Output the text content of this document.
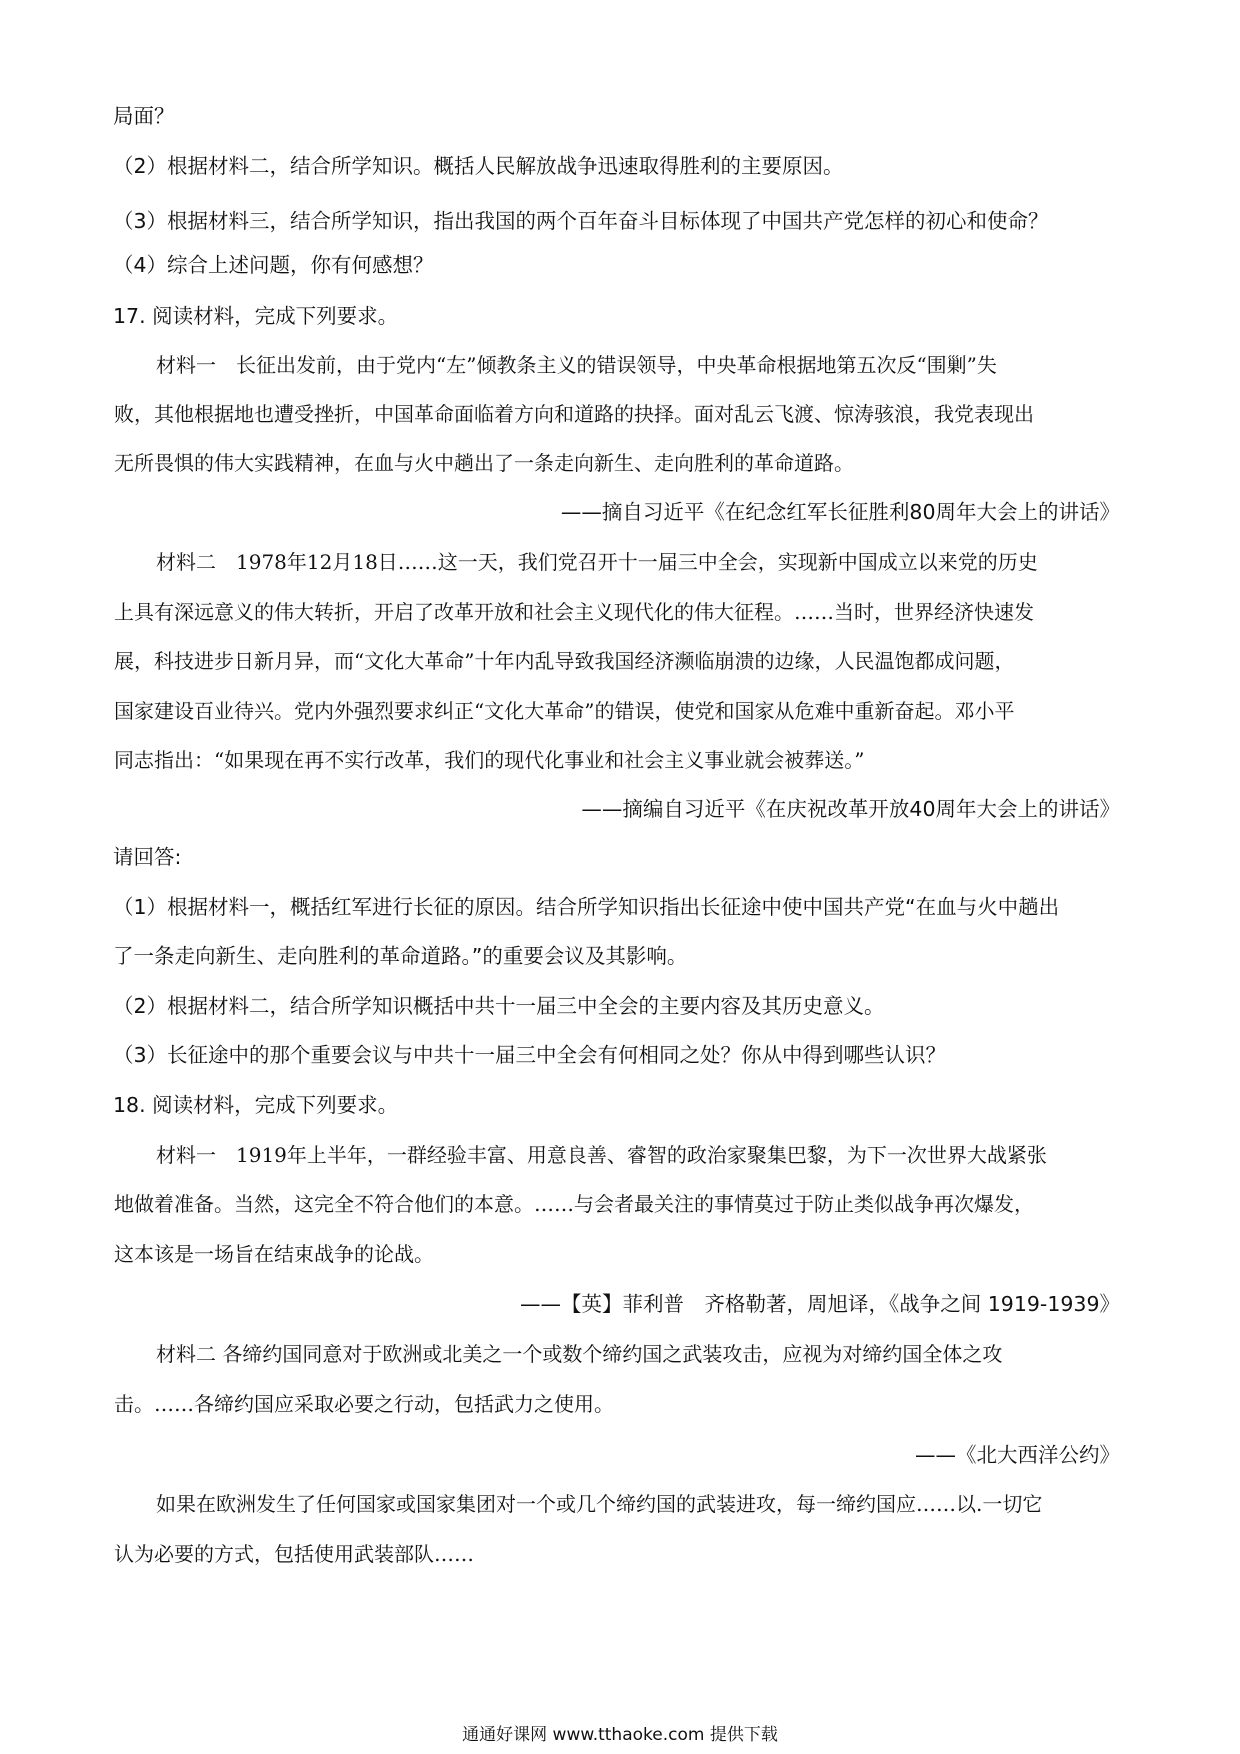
局面？

（2）根据材料二，结合所学知识。概括人民解放战争迅速取得胜利的主要原因。

（3）根据材料三，结合所学知识，指出我国的两个百年奋斗目标体现了中国共产党怎样的初心和使命？

（4）综合上述问题，你有何感想？

17. 阅读材料，完成下列要求。

材料一　长征出发前，由于党内“左”倾教条主义的错误领导，中央革命根据地第五次反“围剿”失

败，其他根据地也遭受挫折，中国革命面临着方向和道路的抉择。面对乱云飞渡、惊涛骇浪，我党表现出

无所畏惧的伟大实践精神，在血与火中趟出了一条走向新生、走向胜利的革命道路。

——摘自习近平《在纪念红军长征胜利80周年大会上的讲话》

材料二　1978年12月18日……这一天，我们党召开十一届三中全会，实现新中国成立以来党的历史

上具有深远意义的伟大转折，开启了改革开放和社会主义现代化的伟大征程。……当时，世界经济快速发

展，科技进步日新月异，而“文化大革命”十年内乱导致我国经济濒临崩溃的边缘，人民温饱都成问题，

国家建设百业待兴。党内外强烈要求纠正“文化大革命”的错误，使党和国家从危难中重新奋起。邓小平

同志指出：“如果现在再不实行改革，我们的现代化事业和社会主义事业就会被葬送。”

——摘编自习近平《在庆祝改革开放40周年大会上的讲话》

请回答:

（1）根据材料一，概括红军进行长征的原因。结合所学知识指出长征途中使中国共产党“在血与火中趟出

了一条走向新生、走向胜利的革命道路。”的重要会议及其影响。

（2）根据材料二，结合所学知识概括中共十一届三中全会的主要内容及其历史意义。

（3）长征途中的那个重要会议与中共十一届三中全会有何相同之处？你从中得到哪些认识？

18. 阅读材料，完成下列要求。

材料一　1919年上半年，一群经验丰富、用意良善、睿智的政治家聚集巴黎，为下一次世界大战紧张

地做着准备。当然，这完全不符合他们的本意。……与会者最关注的事情莫过于防止类似战争再次爆发，

这本该是一场旨在结束战争的论战。

——【英】菲利普　齐格勒著，周旭译，《战争之间 1919-1939》

材料二 各缔约国同意对于欧洲或北美之一个或数个缔约国之武装攻击，应视为对缔约国全体之攻

击。……各缔约国应采取必要之行动，包括武力之使用。

——《北大西洋公约》

如果在欧洲发生了任何国家或国家集团对一个或几个缔约国的武装进攻，每一缔约国应……以.一切它

认为必要的方式，包括使用武装部队……

通通好课网 www.tthaoke.com 提供下载
